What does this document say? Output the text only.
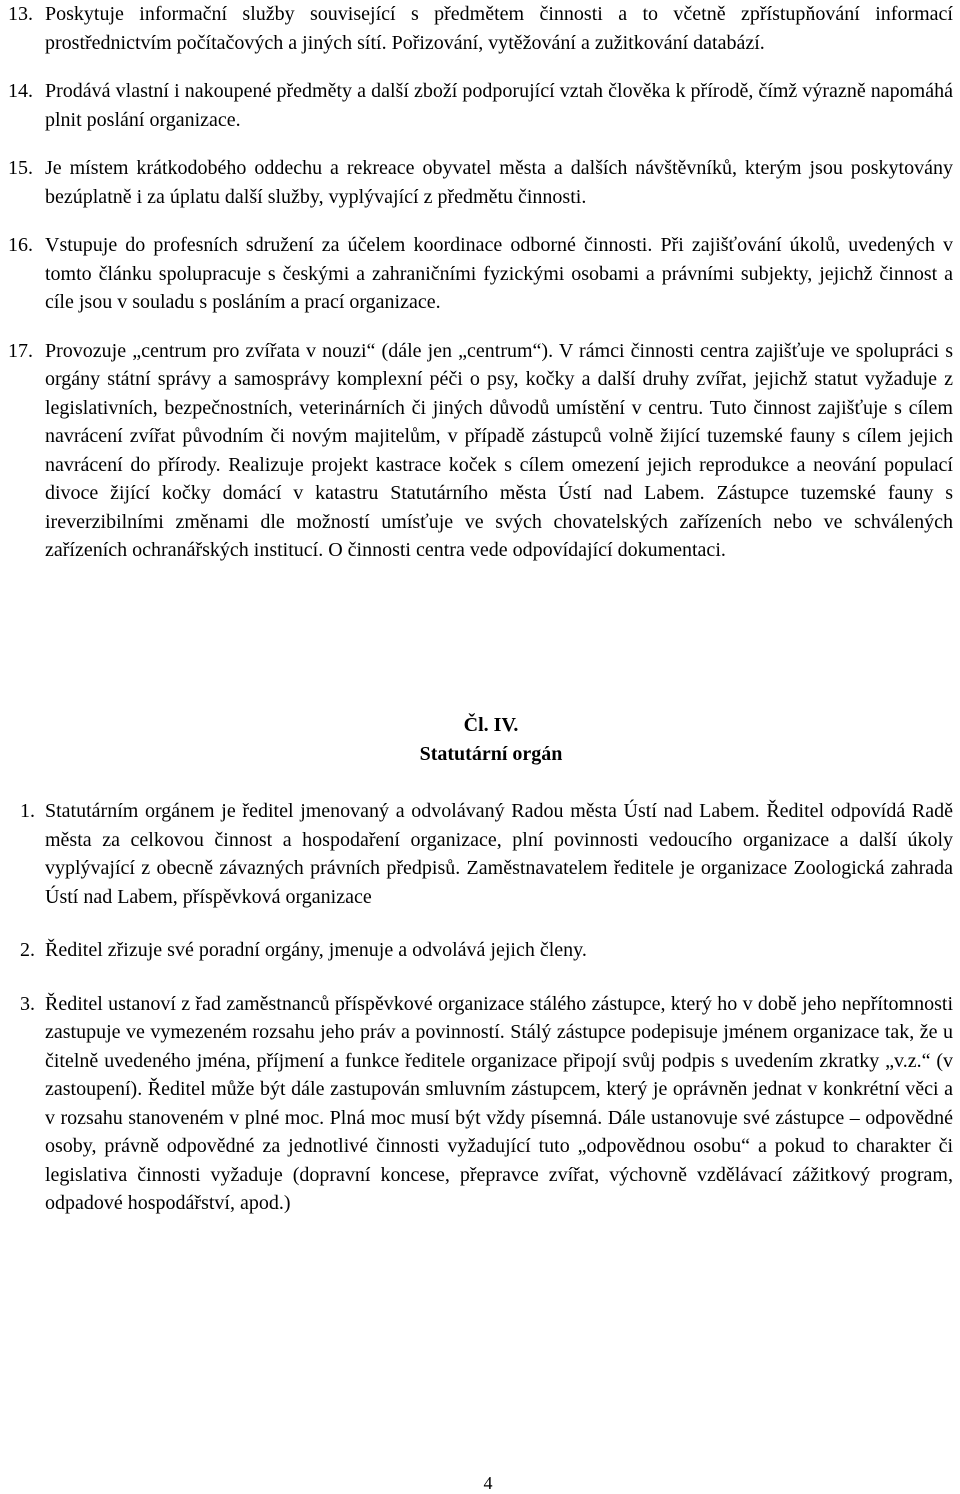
13. Poskytuje informační služby související s předmětem činnosti a to včetně zpřístupňování informací prostřednictvím počítačových a jiných sítí. Pořizování, vytěžování a zužitkování databází.
14. Prodává vlastní i nakoupené předměty a další zboží podporující vztah člověka k přírodě, čímž výrazně napomáhá plnit poslání organizace.
15. Je místem krátkodobého oddechu a rekreace obyvatel města a dalších návštěvníků, kterým jsou poskytovány bezúplatně i za úplatu další služby, vyplývající z předmětu činnosti.
16. Vstupuje do profesních sdružení za účelem koordinace odborné činnosti. Při zajišťování úkolů, uvedených v tomto článku spolupracuje s českými a zahraničními fyzickými osobami a právními subjekty, jejichž činnost a cíle jsou v souladu s posláním a prací organizace.
17. Provozuje „centrum pro zvířata v nouzi“ (dále jen „centrum“). V rámci činnosti centra zajišťuje ve spolupráci s orgány státní správy a samosprávy komplexní péči o psy, kočky a další druhy zvířat, jejichž statut vyžaduje z legislativních, bezpečnostních, veterinárních či jiných důvodů umístění v centru. Tuto činnost zajišťuje s cílem navrácení zvířat původním či novým majitelům, v případě zástupců volně žijící tuzemské fauny s cílem jejich navrácení do přírody. Realizuje projekt kastrace koček s cílem omezení jejich reprodukce a neování populací divoce žijící kočky domácí v katastru Statutárního města Ústí nad Labem. Zástupce tuzemské fauny s ireverzibilními změnami dle možností umísťuje ve svých chovatelských zařízeních nebo ve schválených zařízeních ochranářských institucí. O činnosti centra vede odpovídající dokumentaci.
Čl. IV.
Statutární orgán
1. Statutárním orgánem je ředitel jmenovaný a odvolávaný Radou města Ústí nad Labem. Ředitel odpovídá Radě města za celkovou činnost a hospodaření organizace, plní povinnosti vedoucího organizace a další úkoly vyplývající z obecně závazných právních předpisů. Zaměstnavatelem ředitele je organizace Zoologická zahrada Ústí nad Labem, příspěvková organizace
2. Ředitel zřizuje své poradní orgány, jmenuje a odvolává jejich členy.
3. Ředitel ustanoví z řad zaměstnanců příspěvkové organizace stálého zástupce, který ho v době jeho nepřítomnosti zastupuje ve vymezeném rozsahu jeho práv a povinností. Stálý zástupce podepisuje jménem organizace tak, že u čitelně uvedeného jména, příjmení a funkce ředitele organizace připojí svůj podpis s uvedením zkratky „v.z.“ (v zastoupení). Ředitel může být dále zastupován smluvním zástupcem, který je oprávněn jednat v konkrétní věci a v rozsahu stanoveném v plné moc. Plná moc musí být vždy písemná. Dále ustanovuje své zástupce – odpovědné osoby, právně odpovědné za jednotlivé činnosti vyžadující tuto „odpovědnou osobu“ a pokud to charakter či legislativa činnosti vyžaduje (dopravní koncese, přepravce zvířat, výchovně vzdělávací zážitkový program, odpadové hospodářství, apod.)
4
